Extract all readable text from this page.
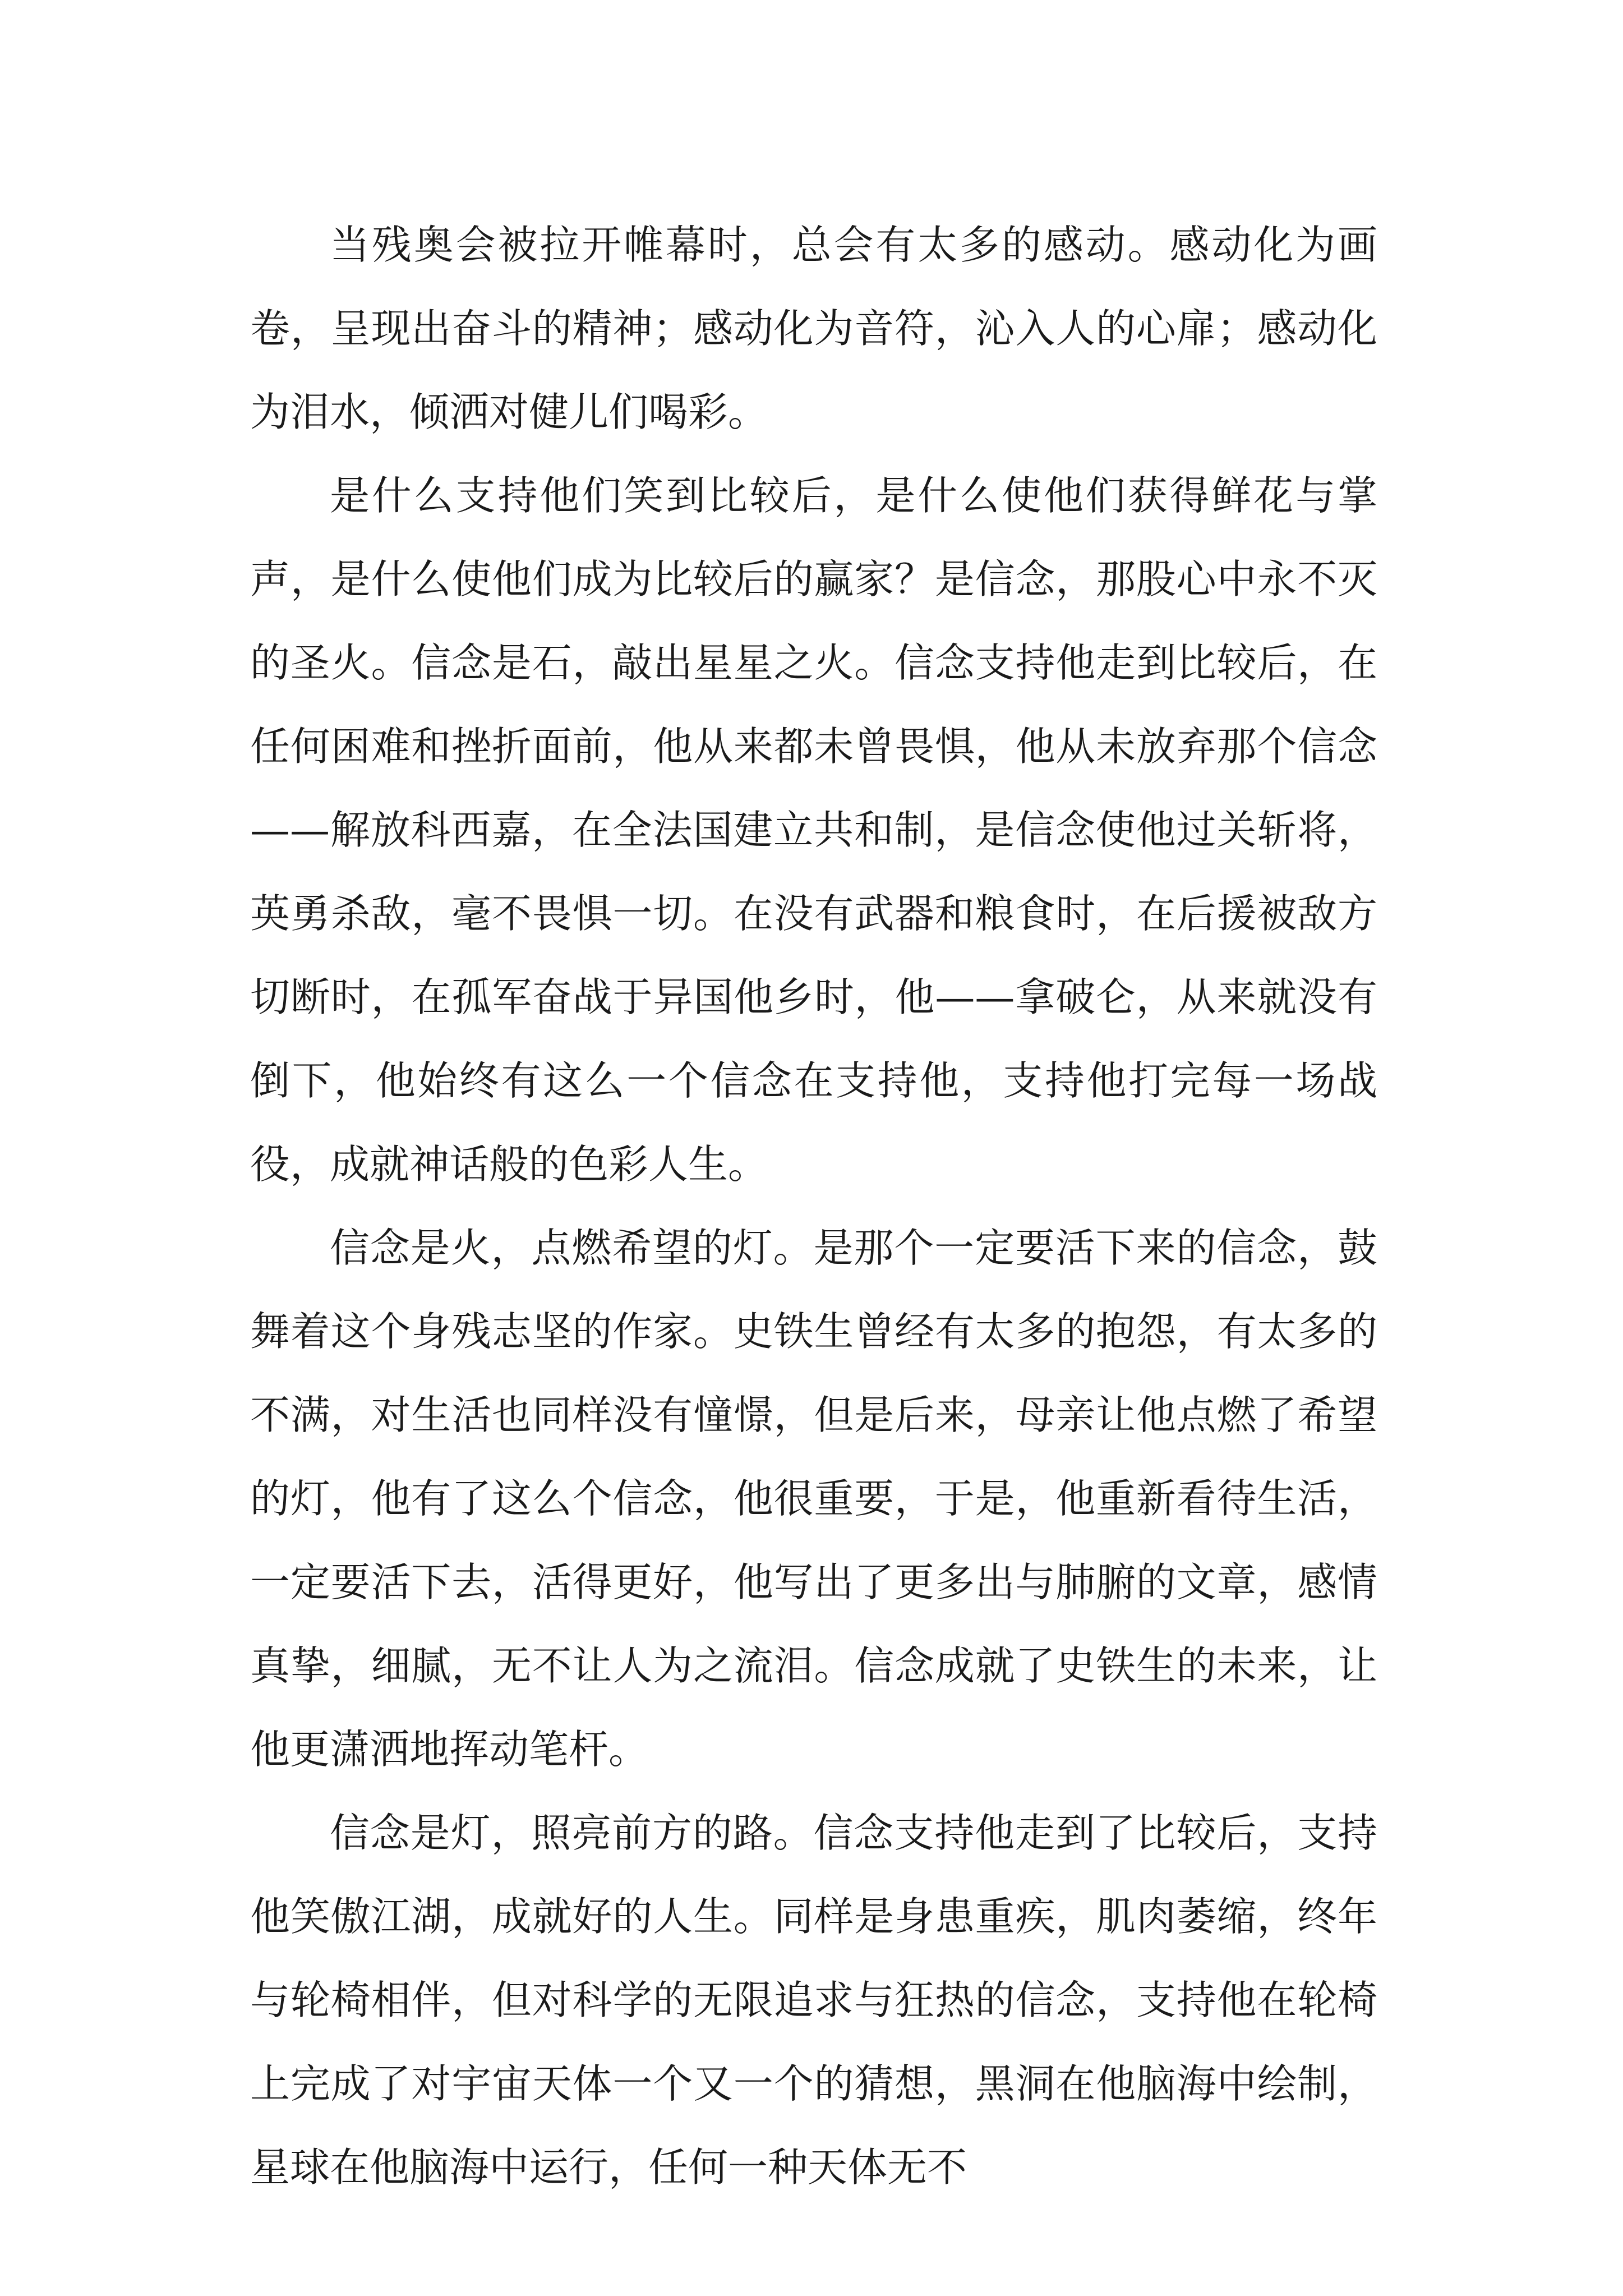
当残奥会被拉开帷幕时，总会有太多的感动。感动化为画卷，呈现出奋斗的精神；感动化为音符，沁入人的心扉；感动化为泪水，倾洒对健儿们喝彩。

是什么支持他们笑到比较后，是什么使他们获得鲜花与掌声，是什么使他们成为比较后的赢家？是信念，那股心中永不灭的圣火。信念是石，敲出星星之火。信念支持他走到比较后，在任何困难和挫折面前，他从来都未曾畏惧，他从未放弃那个信念——解放科西嘉，在全法国建立共和制，是信念使他过关斩将，英勇杀敌，毫不畏惧一切。在没有武器和粮食时，在后援被敌方切断时，在孤军奋战于异国他乡时，他——拿破仑，从来就没有倒下，他始终有这么一个信念在支持他，支持他打完每一场战役，成就神话般的色彩人生。

信念是火，点燃希望的灯。是那个一定要活下来的信念，鼓舞着这个身残志坚的作家。史铁生曾经有太多的抱怨，有太多的不满，对生活也同样没有憧憬，但是后来，母亲让他点燃了希望的灯，他有了这么个信念，他很重要，于是，他重新看待生活，一定要活下去，活得更好，他写出了更多出与肺腑的文章，感情真挚，细腻，无不让人为之流泪。信念成就了史铁生的未来，让他更潇洒地挥动笔杆。

信念是灯，照亮前方的路。信念支持他走到了比较后，支持他笑傲江湖，成就好的人生。同样是身患重疾，肌肉萎缩，终年与轮椅相伴，但对科学的无限追求与狂热的信念，支持他在轮椅上完成了对宇宙天体一个又一个的猜想，黑洞在他脑海中绘制，星球在他脑海中运行，任何一种天体无不
